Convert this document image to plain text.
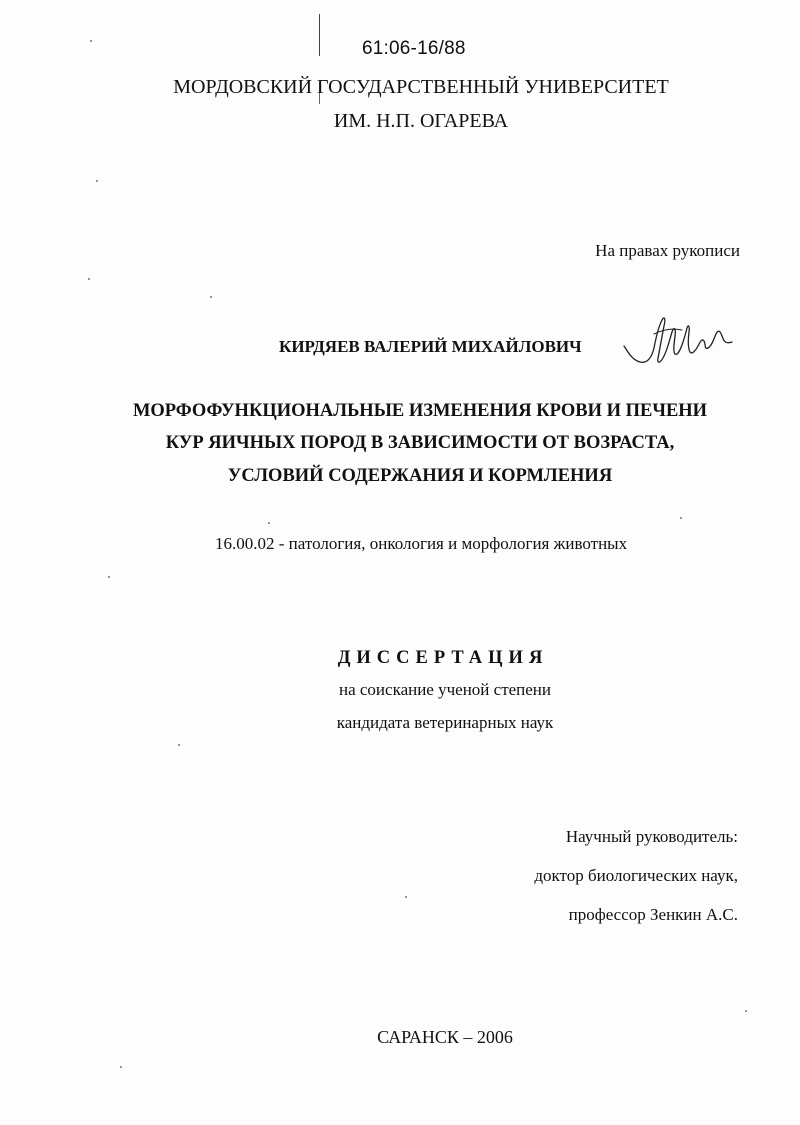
61:06-16/88
МОРДОВСКИЙ ГОСУДАРСТВЕННЫЙ УНИВЕРСИТЕТ
ИМ. Н.П. ОГАРЕВА
На правах рукописи
КИРДЯЕВ ВАЛЕРИЙ МИХАЙЛОВИЧ
МОРФОФУНКЦИОНАЛЬНЫЕ ИЗМЕНЕНИЯ КРОВИ И ПЕЧЕНИ
КУР ЯИЧНЫХ ПОРОД В ЗАВИСИМОСТИ ОТ ВОЗРАСТА,
УСЛОВИЙ СОДЕРЖАНИЯ И КОРМЛЕНИЯ
16.00.02 - патология, онкология и морфология животных
ДИССЕРТАЦИЯ
на соискание ученой степени
кандидата ветеринарных наук
Научный руководитель:
доктор биологических наук,
профессор Зенкин А.С.
САРАНСК – 2006
